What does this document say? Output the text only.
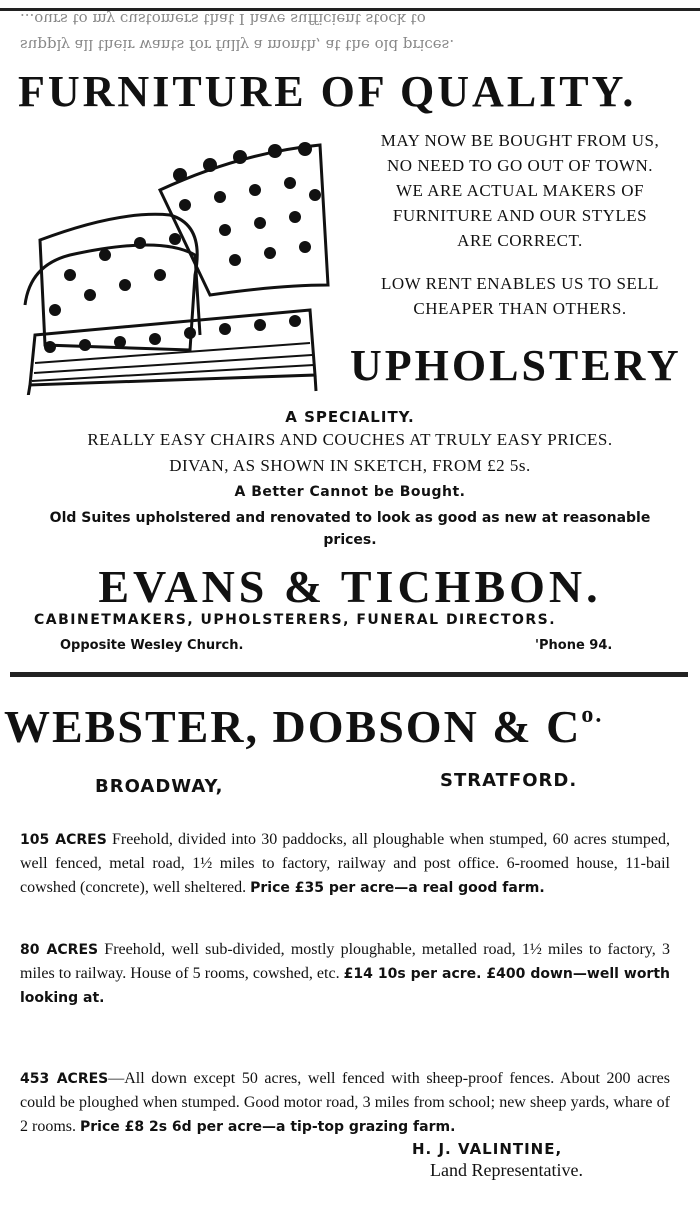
...ours to my customers that I have sufficient stock to
supply all their wants for fully a month, at the old prices.
FURNITURE OF QUALITY.

MAY NOW BE BOUGHT FROM US,

NO NEED TO GO OUT OF TOWN.

WE ARE ACTUAL MAKERS OF

FURNITURE AND OUR STYLES

ARE CORRECT.

LOW RENT ENABLES US TO SELL

CHEAPER THAN OTHERS.

UPHOLSTERY
A SPECIALITY.
REALLY EASY CHAIRS AND COUCHES AT TRULY EASY PRICES.
DIVAN, AS SHOWN IN SKETCH, FROM £2 5s.
A Better Cannot be Bought.
Old Suites upholstered and renovated to look as good as new at reasonable
prices.
EVANS & TICHBON.
CABINETMAKERS, UPHOLSTERERS, FUNERAL DIRECTORS.
Opposite Wesley Church.	'Phone 94.
WEBSTER, DOBSON & $C^{o.}$
BROADWAY,	STRATFORD.
105 ACRES Freehold, divided into 30 paddocks, all ploughable when stumped, 60 acres stumped, well fenced, metal road, 1½ miles to factory, railway and post office. 6-roomed house, 11-bail cowshed (concrete), well sheltered. Price £35 per acre—a real good farm.
80 ACRES Freehold, well sub-divided, mostly ploughable, metalled road, 1½ miles to factory, 3 miles to railway. House of 5 rooms, cowshed, etc. £14 10s per acre. £400 down—well worth looking at.
453 ACRES—All down except 50 acres, well fenced with sheep-proof fences. About 200 acres could be ploughed when stumped. Good motor road, 3 miles from school; new sheep yards, whare of 2 rooms. Price £8 2s 6d per acre—a tip-top grazing farm.
H. J. VALINTINE,
Land Representative.
